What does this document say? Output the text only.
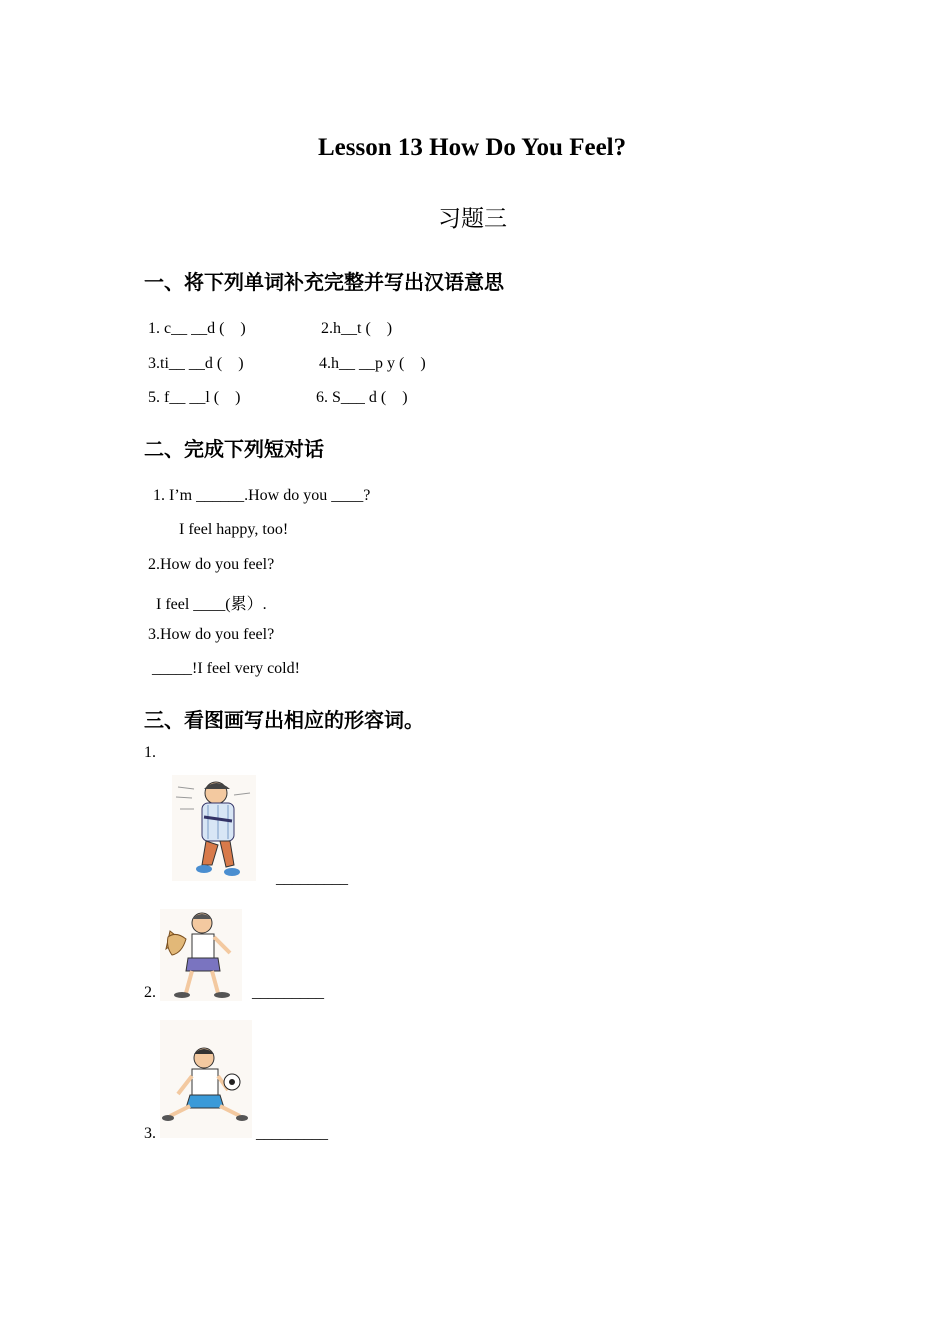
Lesson 13 How Do You Feel?
习题三
一、将下列单词补充完整并写出汉语意思
1. c__ __d (    )	2.h__t (    )
3.ti__ __d (    )	4.h__ __p y (    )
5. f__ __l (    )	6. S___ d (    )
二、完成下列短对话
1. I’m ______.How do you ____?
I feel happy, too!
2.How do you feel?
I feel ____(累）.
3.How do you feel?
_____!I feel very cold!
三、看图画写出相应的形容词。
1.
_________
2.	_________
3.	_________
